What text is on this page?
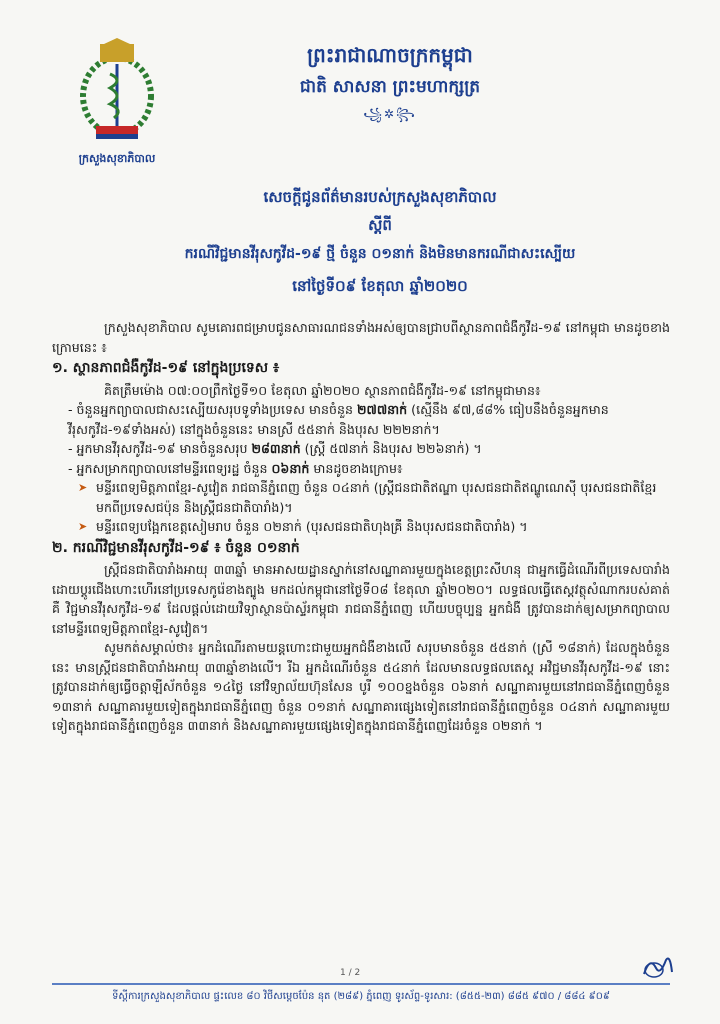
ក្រសួងសុខាភិបាល
ព្រះរាជាណាចក្រកម្ពុជា
ជាតិ សាសនា ព្រះមហាក្សត្រ
꧁✲꧂
សេចក្តីជូនព័ត៌មានរបស់ក្រសួងសុខាភិបាល
ស្តីពី
ករណីវិជ្ជមានវីរុសកូវីដ-១៩ ថ្មី ចំនួន ០១នាក់ និងមិនមានករណីជាសះស្បើយ
នៅថ្ងៃទី០៩ ខែតុលា ឆ្នាំ២០២០

ក្រសួងសុខាភិបាល សូមគោរពជម្រាបជូនសាធារណជនទាំងអស់ឲ្យបានជ្រាបពីស្ថានភាពជំងឺកូវីដ-១៩ នៅកម្ពុជា មានដូចខាងក្រោមនេះ ៖

១. ស្ថានភាពជំងឺកូវីដ-១៩ នៅក្នុងប្រទេស ៖

គិតត្រឹមម៉ោង ០៧:០០ព្រឹកថ្ងៃទី១០ ខែតុលា ឆ្នាំ២០២០ ស្ថានភាពជំងឺកូវីដ-១៩ នៅកម្ពុជាមាន៖

- ចំនួនអ្នកព្យាបាលជាសះស្បើយសរុបទូទាំងប្រទេស មានចំនួន ២៧៧នាក់ (ស្មើនឹង ៩៧,៨៨% ធៀបនឹងចំនួនអ្នកមានវីរុសកូវីដ-១៩ទាំងអស់) នៅក្នុងចំនួននេះ មានស្រី ៥៥នាក់ និងបុរស ២២២នាក់។

- អ្នកមានវីរុសកូវីដ-១៩ មានចំនួនសរុប ២៨៣នាក់ (ស្ត្រី ៥៧នាក់ និងបុរស ២២៦នាក់) ។

- អ្នកសម្រាកព្យាបាលនៅមន្ទីរពេទ្យរដ្ឋ ចំនួន ០៦នាក់ មានដូចខាងក្រោម៖

➤ មន្ទីរពេទ្យមិត្តភាពខ្មែរ-សូវៀត រាជធានីភ្នំពេញ ចំនួន ០៤នាក់ (ស្ត្រីជនជាតិឥណ្ឌា បុរសជនជាតិឥណ្ឌូណេស៊ី បុរសជនជាតិខ្មែរមកពីប្រទេសជប៉ុន និងស្ត្រីជនជាតិបារាំង)។

➤ មន្ទីរពេទ្យបង្អែកខេត្តសៀមរាប ចំនួន ០២នាក់ (បុរសជនជាតិហុងគ្រី និងបុរសជនជាតិបារាំង) ។

២. ករណីវិជ្ជមានវីរុសកូវីដ-១៩ ៖ ចំនួន ០១នាក់

ស្ត្រីជនជាតិបារាំងអាយុ ៣៣ឆ្នាំ មានអាសយដ្ឋានស្នាក់នៅសណ្ឋាគារមួយក្នុងខេត្តព្រះសីហនុ ជាអ្នកធ្វើដំណើរពីប្រទេសបារាំង ដោយប្តូរជើងហោះហើរនៅប្រទេសកូរ៉េខាងត្បូង មកដល់កម្ពុជានៅថ្ងៃទី០៨ ខែតុលា ឆ្នាំ២០២០។ លទ្ធផលធ្វើតេស្តវត្ថុសំណាករបស់គាត់ គឺ វិជ្ជមានវីរុសកូវីដ-១៩ ដែលផ្តល់ដោយវិទ្យាស្ថានប៉ាស្ទ័រកម្ពុជា រាជធានីភ្នំពេញ ហើយបច្ចុប្បន្ន អ្នកជំងឺ ត្រូវបានដាក់ឲ្យសម្រាកព្យាបាលនៅមន្ទីរពេទ្យមិត្តភាពខ្មែរ-សូវៀត។

សូមកត់សម្គាល់ថា៖ អ្នកដំណើរតាមយន្តហោះជាមួយអ្នកជំងឺខាងលើ សរុបមានចំនួន ៥៥នាក់ (ស្រី ១៨នាក់) ដែលក្នុងចំនួននេះ មានស្ត្រីជនជាតិបារាំងអាយុ ៣៣ឆ្នាំខាងលើ។ រីឯ អ្នកដំណើរចំនួន ៥៤នាក់ ដែលមានលទ្ធផលតេស្ត អវិជ្ជមានវីរុសកូវីដ-១៩ នោះ ត្រូវបានដាក់ឲ្យធ្វើចត្តាឡីស័កចំនួន ១៤ថ្ងៃ នៅវិទ្យាល័យហ៊ុនសែន បូរី ១០០ខ្នងចំនួន ០៦នាក់ សណ្ឋាគារមួយនៅរាជធានីភ្នំពេញចំនួន ១៣នាក់ សណ្ឋាគារមួយទៀតក្នុងរាជធានីភ្នំពេញ ចំនួន ០១នាក់ សណ្ឋាគារផ្សេងទៀតនៅរាជធានីភ្នំពេញចំនួន ០៤នាក់ សណ្ឋាគារមួយទៀតក្នុងរាជធានីភ្នំពេញចំនួន ៣៣នាក់ និងសណ្ឋាគារមួយផ្សេងទៀតក្នុងរាជធានីភ្នំពេញដែរចំនួន ០២នាក់ ។

1 / 2
ទីស្តីការក្រសួងសុខាភិបាល ផ្ទះលេខ ៨០ វិថីសម្តេចប៉ែន នុត (២៨៩) ភ្នំពេញ ទូរស័ព្ទ-ទូរសារ: (៨៥៥-២៣) ៨៨៥ ៩៧០ / ៨៨៤ ៩០៩
